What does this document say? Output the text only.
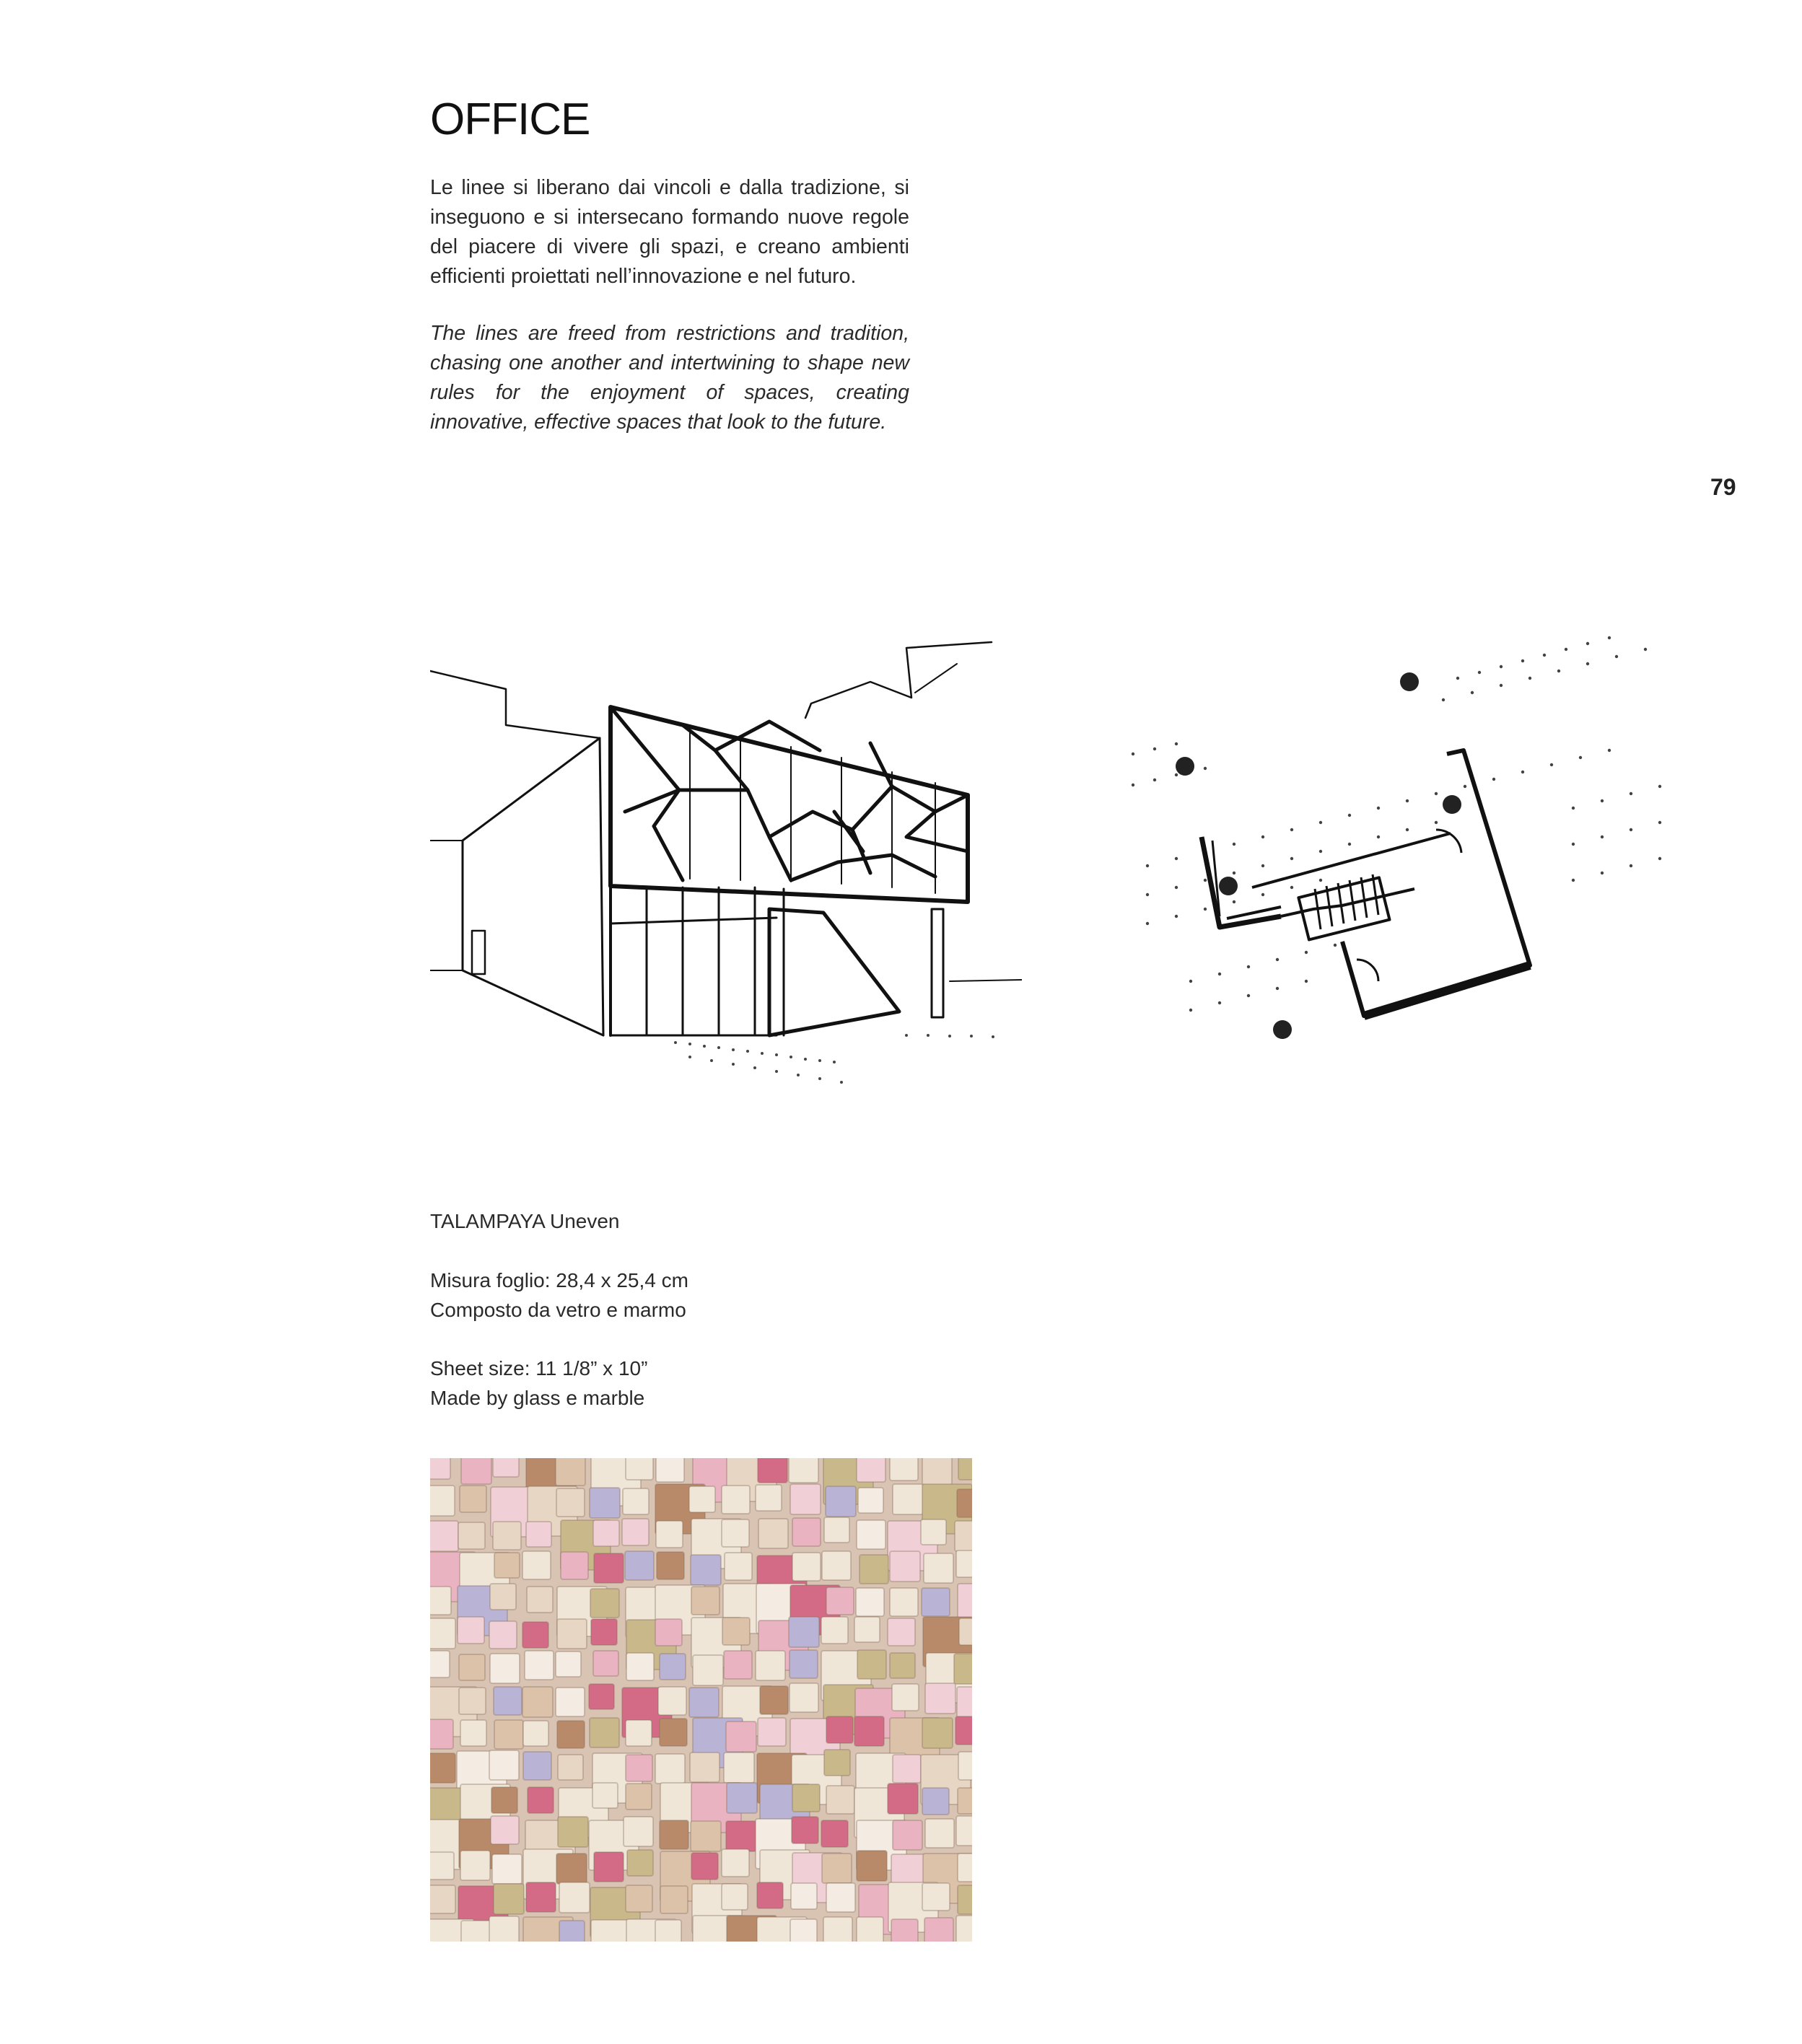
OFFICE

Le linee si liberano dai vincoli e dalla tradizione, si inseguono e si intersecano formando nuove regole del piacere di vivere gli spazi, e creano ambienti efficienti proiettati nell’innovazione e nel futuro.

The lines are freed from restrictions and tradition, chasing one another and intertwining to shape new rules for the enjoyment of spaces, creating innovative, effective spaces that look to the future.

79
TALAMPAYA Uneven
Misura foglio: 28,4 x 25,4 cm
Composto da vetro e marmo
Sheet size: 11 1/8” x 10”
Made by glass e marble
